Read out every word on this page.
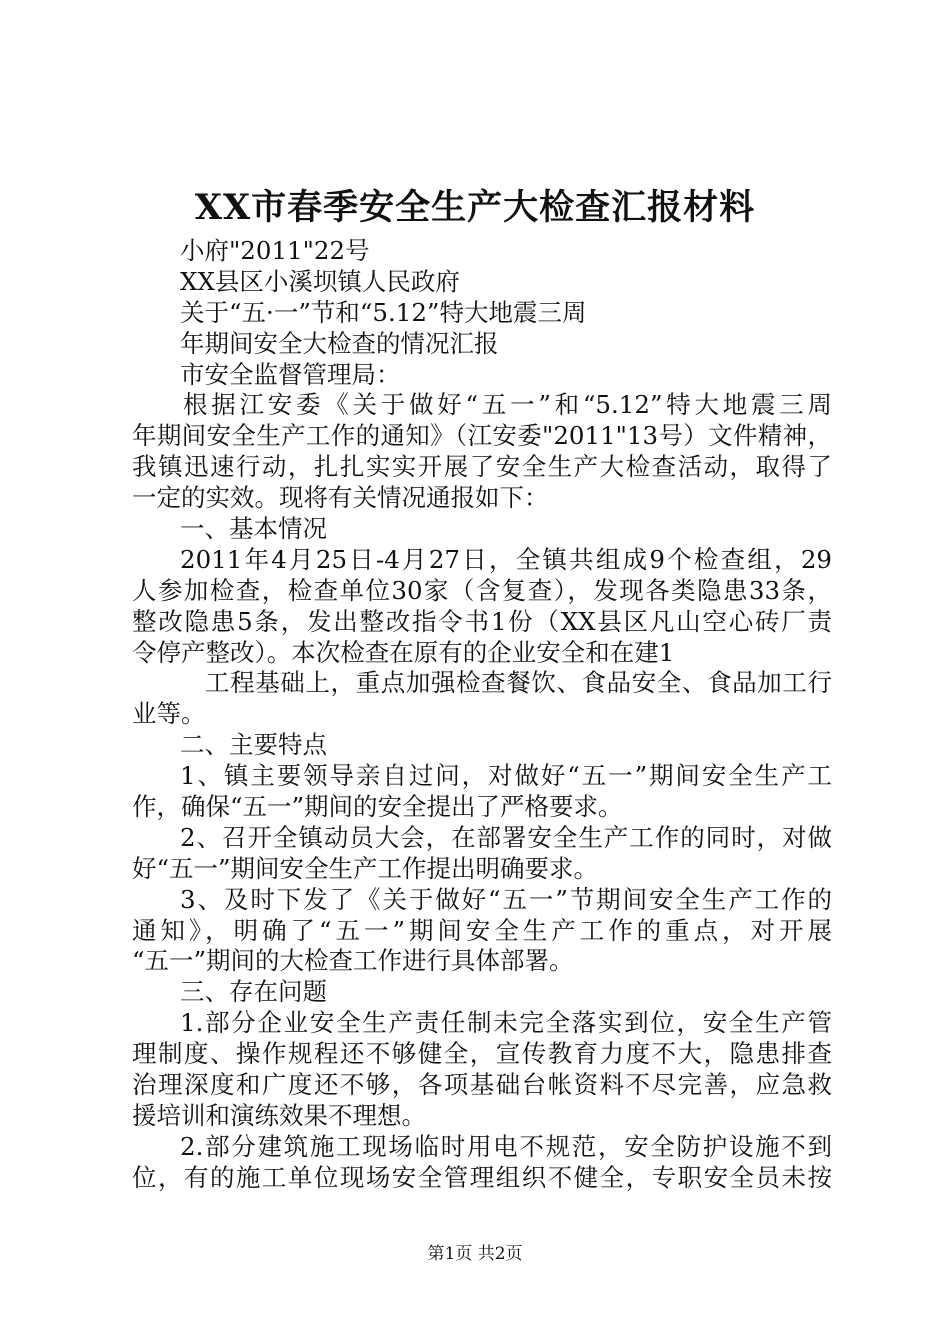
XX市春季安全生产大检查汇报材料
小府"2011"22号
XX县区小溪坝镇人民政府
关于“五·一”节和“5.12”特大地震三周
年期间安全大检查的情况汇报
市安全监督管理局：
根据江安委《关于做好“五一”和“5.12”特大地震三周
年期间安全生产工作的通知》（江安委"2011"13号）文件精神，
我镇迅速行动，扎扎实实开展了安全生产大检查活动，取得了
一定的实效。现将有关情况通报如下：
一、基本情况
2011年4月25日-4月27日，全镇共组成9个检查组，29
人参加检查，检查单位30家（含复查），发现各类隐患33条，
整改隐患5条，发出整改指令书1份（XX县区凡山空心砖厂责
令停产整改）。本次检查在原有的企业安全和在建1
工程基础上，重点加强检查餐饮、食品安全、食品加工行
业等。
二、主要特点
1、镇主要领导亲自过问，对做好“五一”期间安全生产工
作，确保“五一”期间的安全提出了严格要求。
2、召开全镇动员大会，在部署安全生产工作的同时，对做
好“五一”期间安全生产工作提出明确要求。
3、及时下发了《关于做好“五一”节期间安全生产工作的
通知》，明确了“五一”期间安全生产工作的重点，对开展
“五一”期间的大检查工作进行具体部署。
三、存在问题
1.部分企业安全生产责任制未完全落实到位，安全生产管
理制度、操作规程还不够健全，宣传教育力度不大，隐患排查
治理深度和广度还不够，各项基础台帐资料不尽完善，应急救
援培训和演练效果不理想。
2.部分建筑施工现场临时用电不规范，安全防护设施不到
位，有的施工单位现场安全管理组织不健全，专职安全员未按
第1页 共2页
